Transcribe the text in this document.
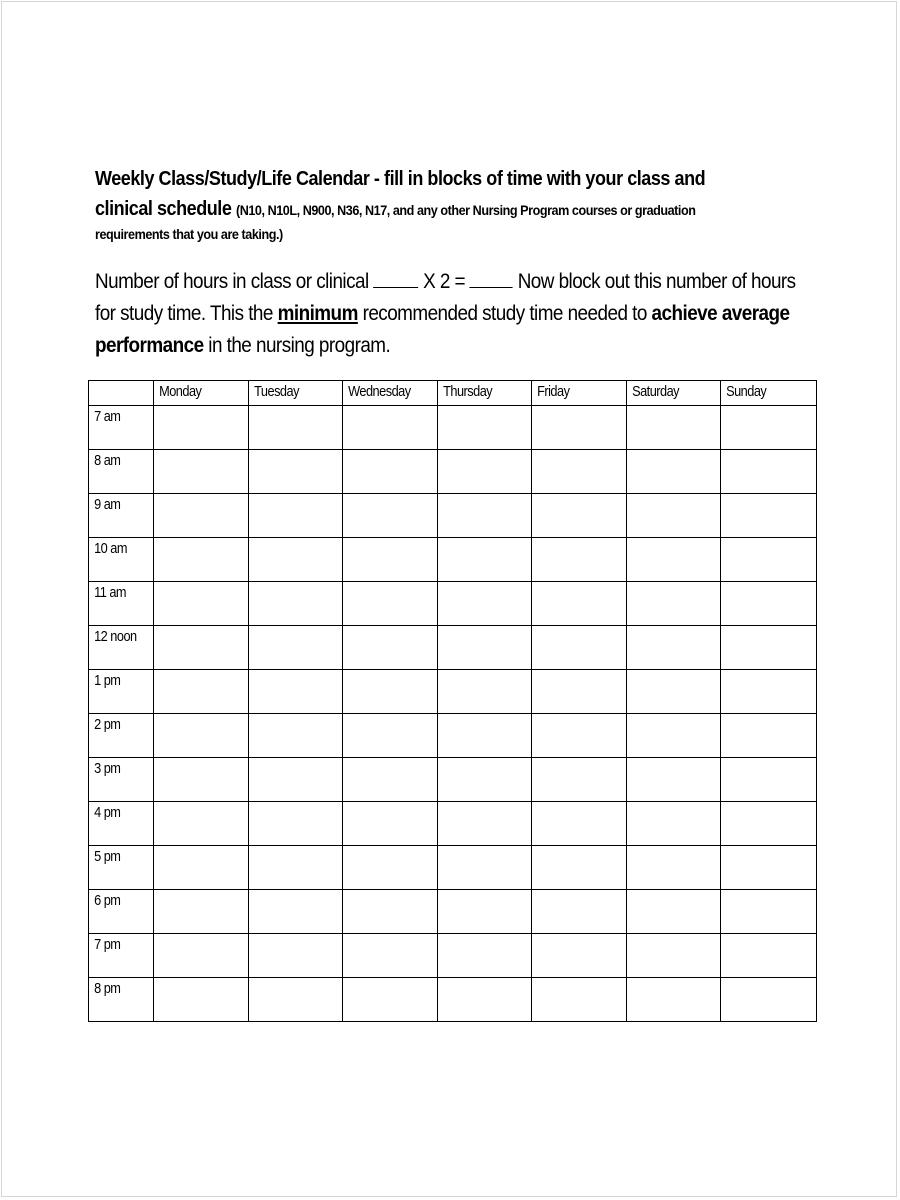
Weekly Class/Study/Life Calendar - fill in blocks of time with your class and
clinical schedule (N10, N10L, N900, N36, N17, and any other Nursing Program courses or graduation
requirements that you are taking.)
Number of hours in class or clinical	X 2 =	Now block out this number of hours
for study time. This the minimum recommended study time needed to achieve average
performance in the nursing program.
	Monday	Tuesday	Wednesday	Thursday	Friday	Saturday	Sunday
7 am							
8 am							
9 am							
10 am							
11 am							
12 noon							
1 pm							
2 pm							
3 pm							
4 pm							
5 pm							
6 pm							
7 pm							
8 pm							
